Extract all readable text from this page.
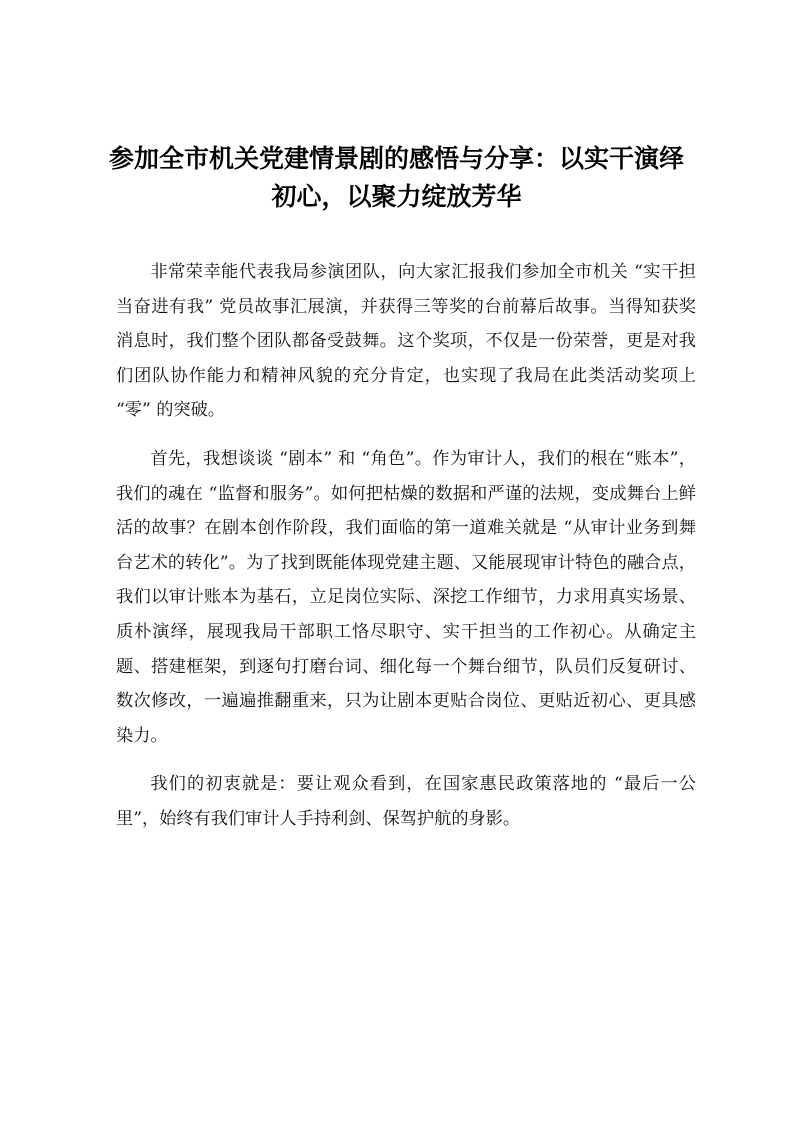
参加全市机关党建情景剧的感悟与分享：以实干演绎初心，以聚力绽放芳华

非常荣幸能代表我局参演团队，向大家汇报我们参加全市机关 “实干担当奋进有我” 党员故事汇展演，并获得三等奖的台前幕后故事。当得知获奖消息时，我们整个团队都备受鼓舞。这个奖项，不仅是一份荣誉，更是对我们团队协作能力和精神风貌的充分肯定，也实现了我局在此类活动奖项上 “零” 的突破。

首先，我想谈谈 “剧本” 和 “角色”。作为审计人，我们的根在“账本”，我们的魂在 “监督和服务”。如何把枯燥的数据和严谨的法规，变成舞台上鲜活的故事？在剧本创作阶段，我们面临的第一道难关就是 “从审计业务到舞台艺术的转化”。为了找到既能体现党建主题、又能展现审计特色的融合点，我们以审计账本为基石，立足岗位实际、深挖工作细节，力求用真实场景、质朴演绎，展现我局干部职工恪尽职守、实干担当的工作初心。从确定主题、搭建框架，到逐句打磨台词、细化每一个舞台细节，队员们反复研讨、数次修改，一遍遍推翻重来，只为让剧本更贴合岗位、更贴近初心、更具感染力。

我们的初衷就是：要让观众看到，在国家惠民政策落地的 “最后一公里”，始终有我们审计人手持利剑、保驾护航的身影。
